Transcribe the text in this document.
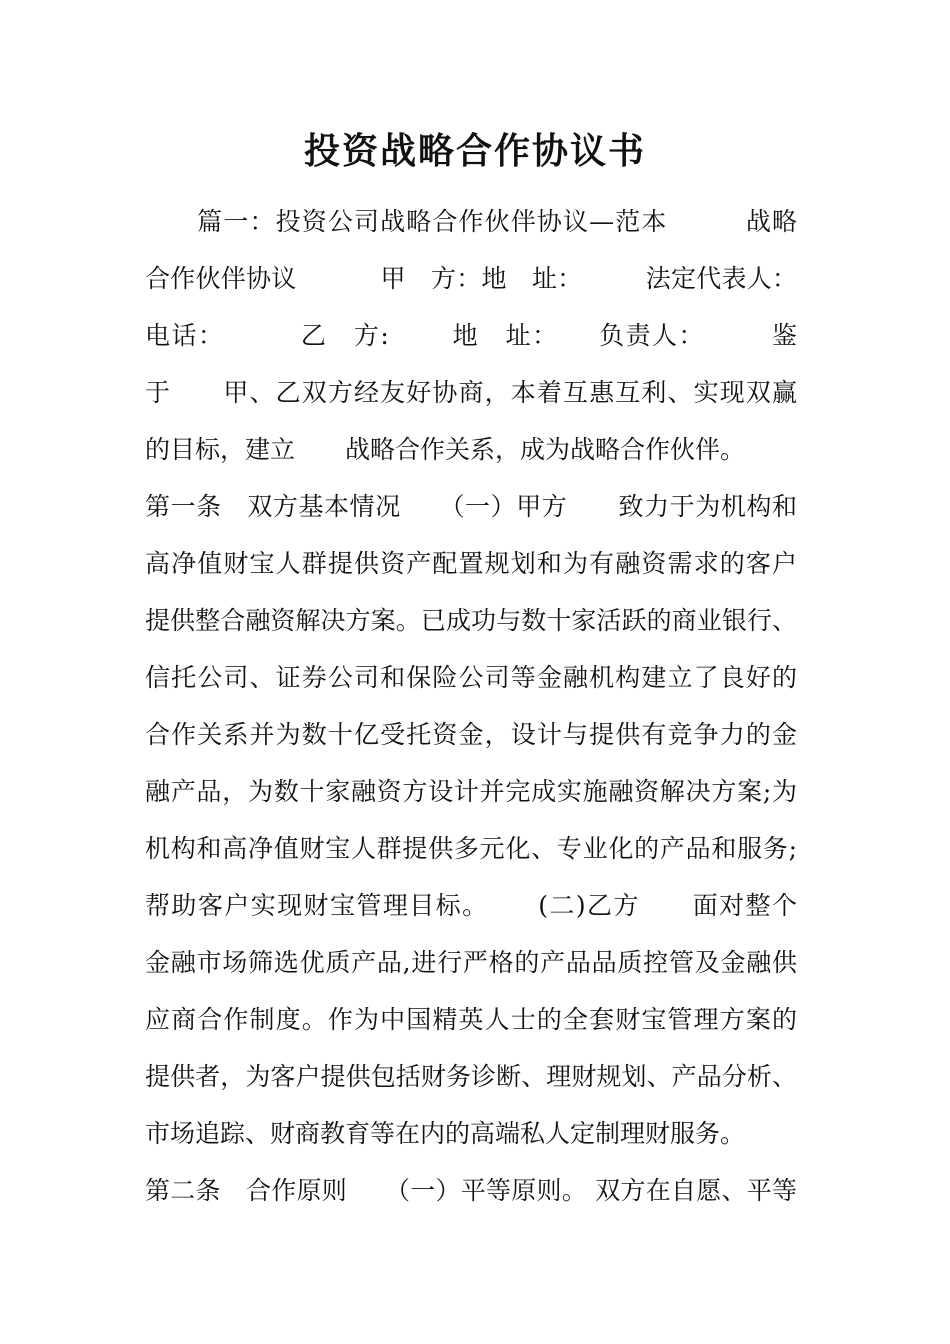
投资战略合作协议书
　　篇一：投资公司战略合作伙伴协议—范本　　　战略
合作伙伴协议　　　 甲　方：地　址：　　　法定代表人：
电话：　　　 乙　方:　　 地　址：　　负责人：　　　鉴
于　　甲、乙双方经友好协商，本着互惠互利、实现双赢
的目标，建立　　战略合作关系，成为战略合作伙伴。
第一条　双方基本情况　　（一）甲方　　致力于为机构和
高净值财宝人群提供资产配置规划和为有融资需求的客户
提供整合融资解决方案。已成功与数十家活跃的商业银行、
信托公司、证券公司和保险公司等金融机构建立了良好的
合作关系并为数十亿受托资金，设计与提供有竞争力的金
融产品，为数十家融资方设计并完成实施融资解决方案;为
机构和高净值财宝人群提供多元化、专业化的产品和服务;
帮助客户实现财宝管理目标。　　 (二)乙方　　面对整个
金融市场筛选优质产品,进行严格的产品品质控管及金融供
应商合作制度。作为中国精英人士的全套财宝管理方案的
提供者，为客户提供包括财务诊断、理财规划、产品分析、
市场追踪、财商教育等在内的高端私人定制理财服务。
第二条　合作原则　　（一）平等原则。 双方在自愿、平等
